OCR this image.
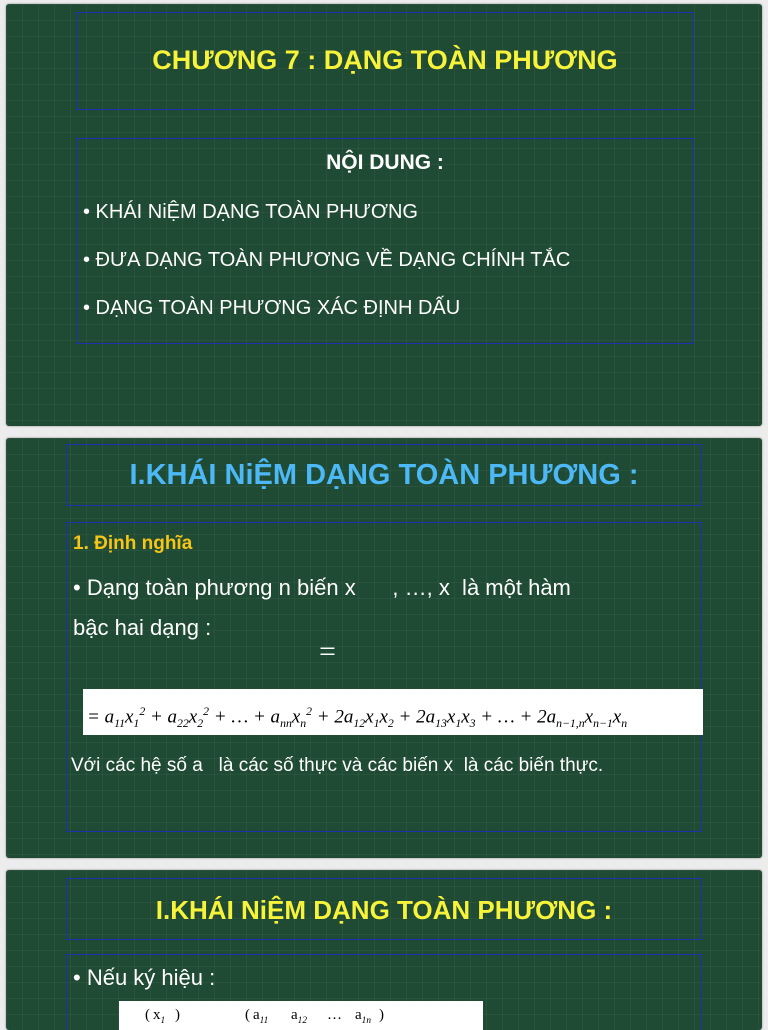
CHƯƠNG 7 : DẠNG TOÀN PHƯƠNG
NỘI DUNG :
• KHÁI NiỆM DẠNG TOÀN PHƯƠNG
• ĐƯA DẠNG TOÀN PHƯƠNG VỀ DẠNG CHÍNH TẮC
• DẠNG TOÀN PHƯƠNG XÁC ĐỊNH DẤU
I.KHÁI NiỆM DẠNG TOÀN PHƯƠNG :
1. Định nghĩa
• Dạng toàn phương n biến x      , …, x  là một hàm
bậc hai dạng :
=
= $a_{11}x_1^2 + a_{22}x_2^2$ + … + $a_{nn}x_n^2 + 2a_{12}x_1x_2 + 2a_{13}x_1x_3$ + … + $2a_{n-1,n}x_{n-1}x_n$
Với các hệ số a   là các số thực và các biến x  là các biến thực.
I.KHÁI NiỆM DẠNG TOÀN PHƯƠNG :
• Nếu ký hiệu :
( $x_1$ )	( $a_{11}$ $a_{12}$ … $a_{1n}$ )
